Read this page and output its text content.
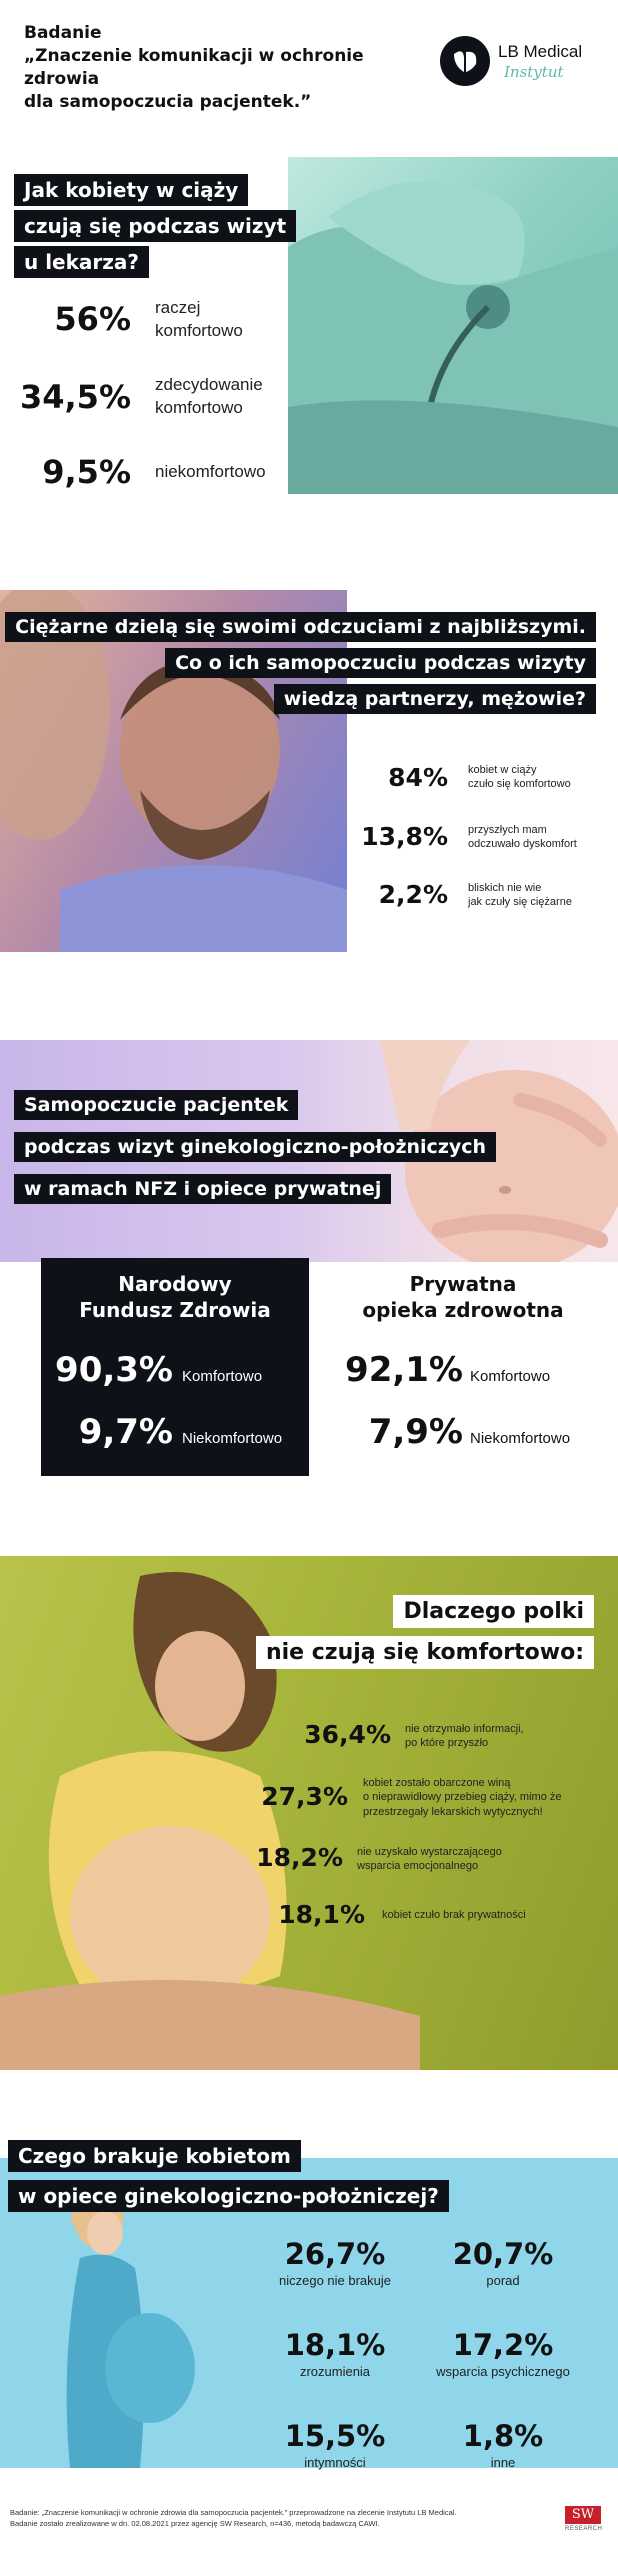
Badanie
„Znaczenie komunikacji w ochronie zdrowia
dla samopoczucia pacjentek.”
LB Medical
Instytut
Jak kobiety w ciąży
czują się podczas wizyt
u lekarza?
56% raczej
komfortowo
34,5% zdecydowanie
komfortowo
9,5% niekomfortowo
Ciężarne dzielą się swoimi odczuciami z najbliższymi.
Co o ich samopoczuciu podczas wizyty
wiedzą partnerzy, mężowie?
84% kobiet w ciąży
czuło się komfortowo
13,8% przyszłych mam
odczuwało dyskomfort
2,2% bliskich nie wie
jak czuły się ciężarne
Samopoczucie pacjentek
podczas wizyt ginekologiczno-położniczych
w ramach NFZ i opiece prywatnej
Narodowy
Fundusz Zdrowia
90,3% Komfortowo
9,7% Niekomfortowo
Prywatna
opieka zdrowotna
92,1% Komfortowo
7,9% Niekomfortowo
Dlaczego polki
nie czują się komfortowo:
36,4% nie otrzymało informacji,
po które przyszło
27,3% kobiet zostało obarczone winą
o nieprawidłowy przebieg ciąży, mimo że
przestrzegały lekarskich wytycznych!
18,2% nie uzyskało wystarczającego
wsparcia emocjonalnego
18,1% kobiet czuło brak prywatności
Czego brakuje kobietom
w opiece ginekologiczno-położniczej?
26,7%
niczego nie brakuje
20,7%
porad
18,1%
zrozumienia
17,2%
wsparcia psychicznego
15,5%
intymności
1,8%
inne
Badanie: „Znaczenie komunikacji w ochronie zdrowia dla samopoczucia pacjentek.” przeprowadzone na zlecenie Instytutu LB Medical.
Badanie zostało zrealizowane w dn. 02.08.2021 przez agencję SW Research, n=436, metodą badawczą CAWI.
SW
RESEARCH
